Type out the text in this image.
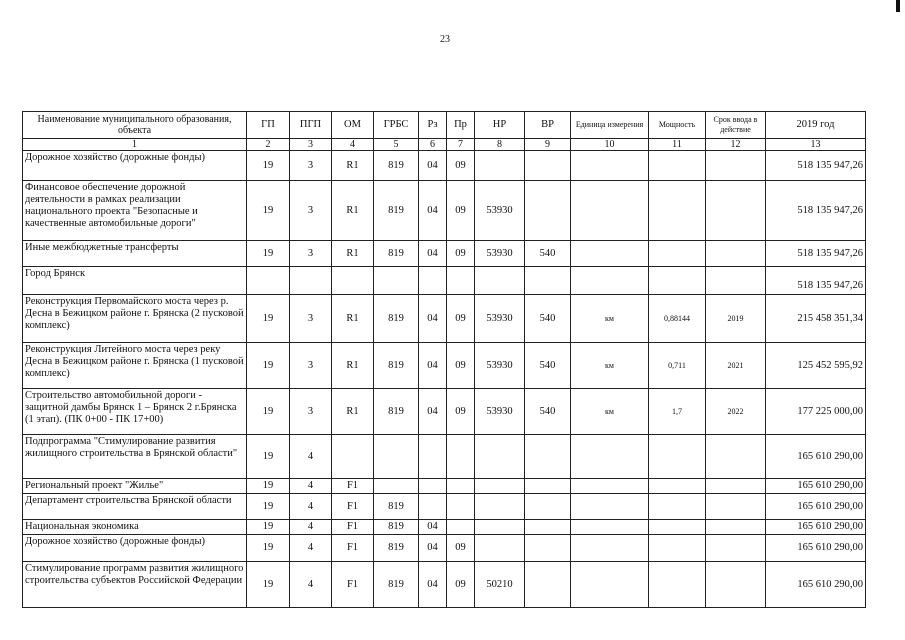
23
Наименование муниципального образования, объекта	ГП	ПГП	ОМ	ГРБС	Рз	Пр	НР	ВР	Единица измерения	Мощность	Срок ввода в действие	2019 год
1	2	3	4	5	6	7	8	9	10	11	12	13
Дорожное хозяйство (дорожные фонды)	19	3	R1	819	04	09						518 135 947,26
Финансовое обеспечение дорожной деятельности в рамках реализации национального проекта "Безопасные и качественные автомобильные дороги"	19	3	R1	819	04	09	53930					518 135 947,26
Иные межбюджетные трансферты	19	3	R1	819	04	09	53930	540				518 135 947,26
Город Брянск												518 135 947,26
Реконструкция Первомайского моста через р. Десна в Бежицком районе г. Брянска (2 пусковой комплекс)	19	3	R1	819	04	09	53930	540	км	0,88144	2019	215 458 351,34
Реконструкция Литейного моста через реку Десна в Бежицком районе г. Брянска (1 пусковой комплекс)	19	3	R1	819	04	09	53930	540	км	0,711	2021	125 452 595,92
Строительство автомобильной дороги - защитной дамбы Брянск 1 – Брянск 2 г.Брянска (1 этап). (ПК 0+00 - ПК 17+00)	19	3	R1	819	04	09	53930	540	км	1,7	2022	177 225 000,00
Подпрограмма "Стимулирование развития жилищного строительства в Брянской области"	19	4										165 610 290,00
Региональный проект "Жилье"	19	4	F1									165 610 290,00
Департамент строительства Брянской области	19	4	F1	819								165 610 290,00
Национальная экономика	19	4	F1	819	04							165 610 290,00
Дорожное хозяйство (дорожные фонды)	19	4	F1	819	04	09						165 610 290,00
Стимулирование программ развития жилищного строительства субъектов Российской Федерации	19	4	F1	819	04	09	50210					165 610 290,00
